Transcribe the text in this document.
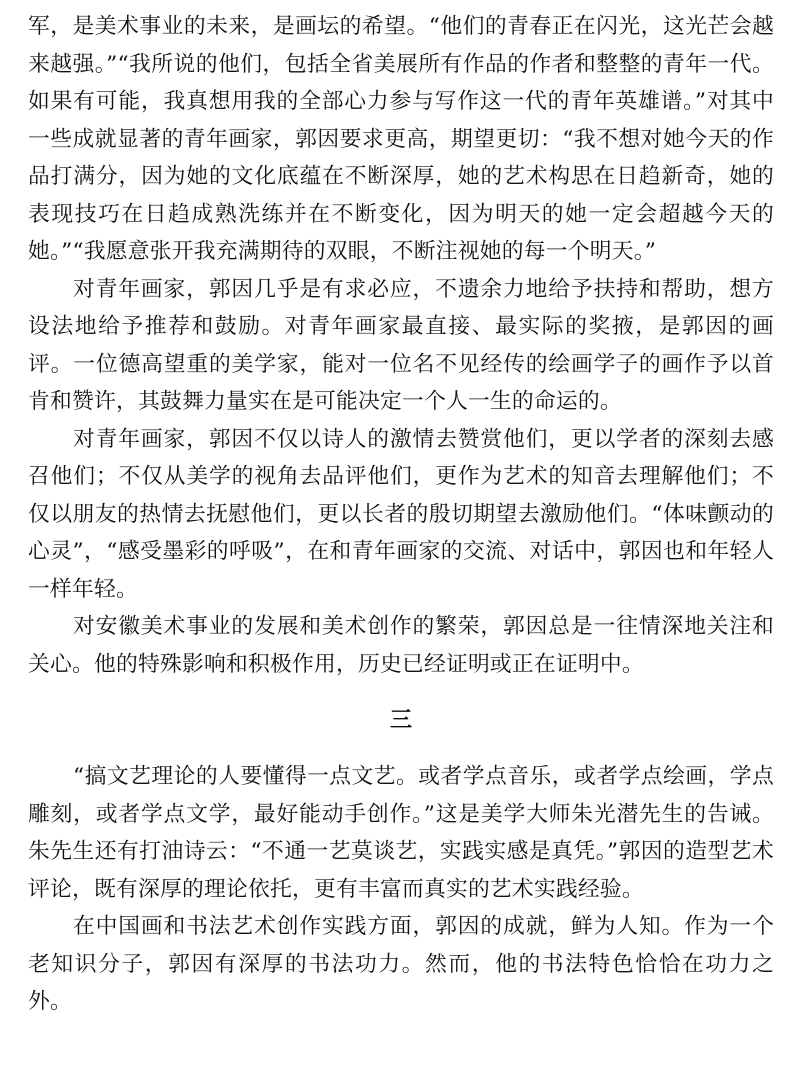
军，是美术事业的未来，是画坛的希望。“他们的青春正在闪光，这光芒会越来越强。”“我所说的他们，包括全省美展所有作品的作者和整整的青年一代。如果有可能，我真想用我的全部心力参与写作这一代的青年英雄谱。”对其中一些成就显著的青年画家，郭因要求更高，期望更切：“我不想对她今天的作品打满分，因为她的文化底蕴在不断深厚，她的艺术构思在日趋新奇，她的表现技巧在日趋成熟洗练并在不断变化，因为明天的她一定会超越今天的她。”“我愿意张开我充满期待的双眼，不断注视她的每一个明天。”

对青年画家，郭因几乎是有求必应，不遗余力地给予扶持和帮助，想方设法地给予推荐和鼓励。对青年画家最直接、最实际的奖掖，是郭因的画评。一位德高望重的美学家，能对一位名不见经传的绘画学子的画作予以首肯和赞许，其鼓舞力量实在是可能决定一个人一生的命运的。

对青年画家，郭因不仅以诗人的激情去赞赏他们，更以学者的深刻去感召他们；不仅从美学的视角去品评他们，更作为艺术的知音去理解他们；不仅以朋友的热情去抚慰他们，更以长者的殷切期望去激励他们。“体味颤动的心灵”，“感受墨彩的呼吸”，在和青年画家的交流、对话中，郭因也和年轻人一样年轻。

对安徽美术事业的发展和美术创作的繁荣，郭因总是一往情深地关注和关心。他的特殊影响和积极作用，历史已经证明或正在证明中。

三

“搞文艺理论的人要懂得一点文艺。或者学点音乐，或者学点绘画，学点雕刻，或者学点文学，最好能动手创作。”这是美学大师朱光潜先生的告诫。朱先生还有打油诗云：“不通一艺莫谈艺，实践实感是真凭。”郭因的造型艺术评论，既有深厚的理论依托，更有丰富而真实的艺术实践经验。

在中国画和书法艺术创作实践方面，郭因的成就，鲜为人知。作为一个老知识分子，郭因有深厚的书法功力。然而，他的书法特色恰恰在功力之外。
